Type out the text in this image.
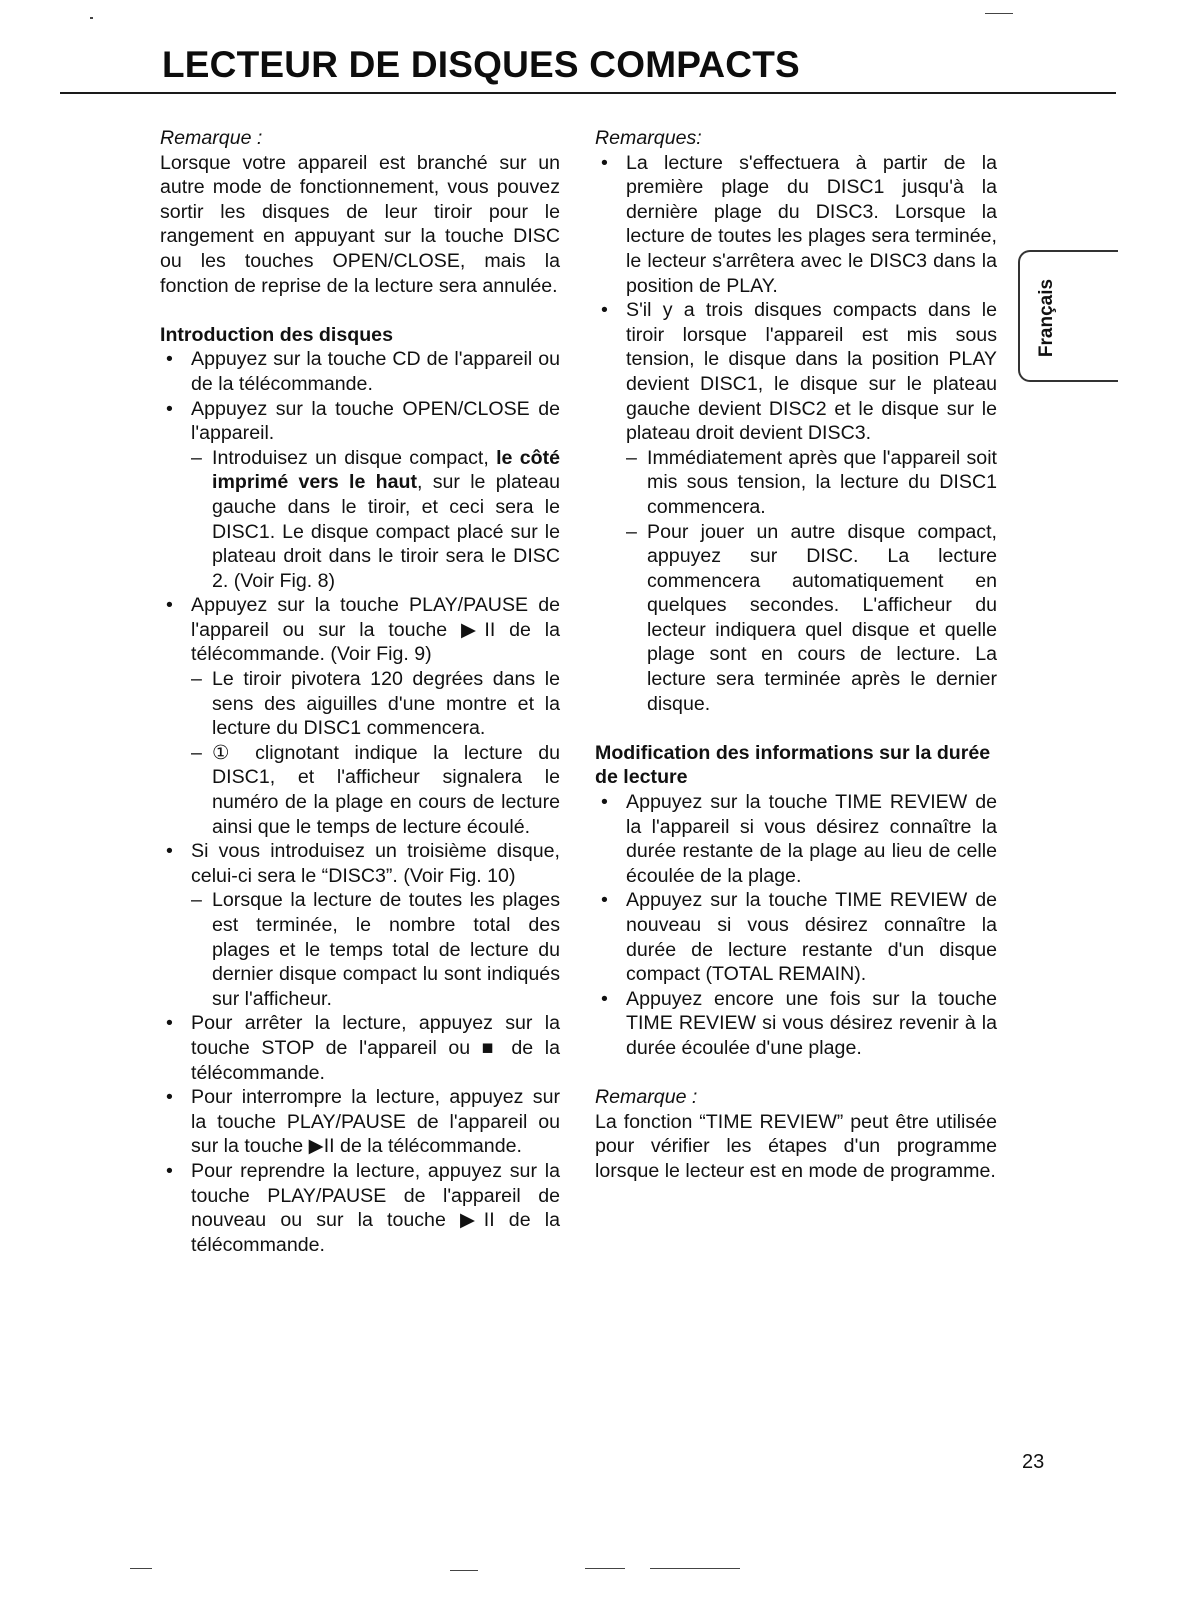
LECTEUR DE DISQUES COMPACTS

Remarque :

Lorsque votre appareil est branché sur un autre mode de fonctionnement, vous pouvez sortir les disques de leur tiroir pour le rangement en appuyant sur la touche DISC ou les touches OPEN/CLOSE, mais la fonction de reprise de la lecture sera annulée.

Introduction des disques

• Appuyez sur la touche CD de l'appareil ou de la télécommande.
• Appuyez sur la touche OPEN/CLOSE de l'appareil.
– Introduisez un disque compact, le côté imprimé vers le haut, sur le plateau gauche dans le tiroir, et ceci sera le DISC1. Le disque compact placé sur le plateau droit dans le tiroir sera le DISC 2. (Voir Fig. 8)
• Appuyez sur la touche PLAY/PAUSE de l'appareil ou sur la touche ▶II de la télécommande. (Voir Fig. 9)
– Le tiroir pivotera 120 degrées dans le sens des aiguilles d'une montre et la lecture du DISC1 commencera.
– ① clignotant indique la lecture du DISC1, et l'afficheur signalera le numéro de la plage en cours de lecture ainsi que le temps de lecture écoulé.
• Si vous introduisez un troisième disque, celui-ci sera le “DISC3”. (Voir Fig. 10)
– Lorsque la lecture de toutes les plages est terminée, le nombre total des plages et le temps total de lecture du dernier disque compact lu sont indiqués sur l'afficheur.
• Pour arrêter la lecture, appuyez sur la touche STOP de l'appareil ou ■ de la télécommande.
• Pour interrompre la lecture, appuyez sur la touche PLAY/PAUSE de l'appareil ou sur la touche ▶II de la télécommande.
• Pour reprendre la lecture, appuyez sur la touche PLAY/PAUSE de l'appareil de nouveau ou sur la touche ▶II de la télécommande.

Remarques:

• La lecture s'effectuera à partir de la première plage du DISC1 jusqu'à la dernière plage du DISC3. Lorsque la lecture de toutes les plages sera terminée, le lecteur s'arrêtera avec le DISC3 dans la position de PLAY.
• S'il y a trois disques compacts dans le tiroir lorsque l'appareil est mis sous tension, le disque dans la position PLAY devient DISC1, le disque sur le plateau gauche devient DISC2 et le disque sur le plateau droit devient DISC3.
– Immédiatement après que l'appareil soit mis sous tension, la lecture du DISC1 commencera.
– Pour jouer un autre disque compact, appuyez sur DISC. La lecture commencera automatiquement en quelques secondes. L'afficheur du lecteur indiquera quel disque et quelle plage sont en cours de lecture. La lecture sera terminée après le dernier disque.

Modification des informations sur la durée de lecture

• Appuyez sur la touche TIME REVIEW de la l'appareil si vous désirez connaître la durée restante de la plage au lieu de celle écoulée de la plage.
• Appuyez sur la touche TIME REVIEW de nouveau si vous désirez connaître la durée de lecture restante d'un disque compact (TOTAL REMAIN).
• Appuyez encore une fois sur la touche TIME REVIEW si vous désirez revenir à la durée écoulée d'une plage.

Remarque :

La fonction “TIME REVIEW” peut être utilisée pour vérifier les étapes d'un programme lorsque le lecteur est en mode de programme.

Français
23
